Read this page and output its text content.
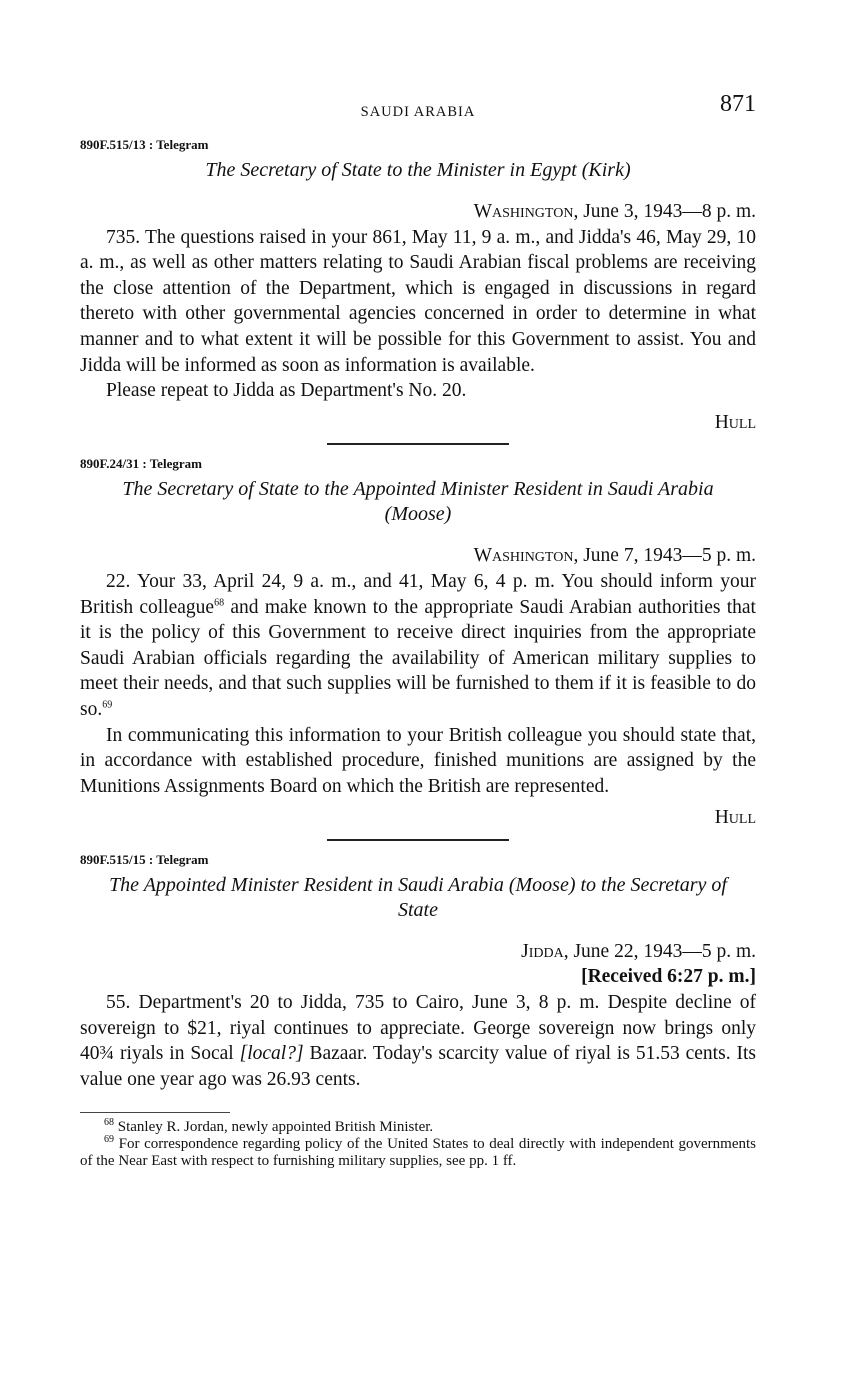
SAUDI ARABIA	871
890F.515/13 : Telegram
The Secretary of State to the Minister in Egypt (Kirk)
Washington, June 3, 1943—8 p. m.

735. The questions raised in your 861, May 11, 9 a. m., and Jidda's 46, May 29, 10 a. m., as well as other matters relating to Saudi Arabian fiscal problems are receiving the close attention of the Department, which is engaged in discussions in regard thereto with other governmental agencies concerned in order to determine in what manner and to what extent it will be possible for this Government to assist. You and Jidda will be informed as soon as information is available.

Please repeat to Jidda as Department's No. 20.

Hull
890F.24/31 : Telegram
The Secretary of State to the Appointed Minister Resident in Saudi Arabia (Moose)
Washington, June 7, 1943—5 p. m.

22. Your 33, April 24, 9 a. m., and 41, May 6, 4 p. m. You should inform your British colleague$^{68}$ and make known to the appropriate Saudi Arabian authorities that it is the policy of this Government to receive direct inquiries from the appropriate Saudi Arabian officials regarding the availability of American military supplies to meet their needs, and that such supplies will be furnished to them if it is feasible to do so.$^{69}$

In communicating this information to your British colleague you should state that, in accordance with established procedure, finished munitions are assigned by the Munitions Assignments Board on which the British are represented.

Hull
890F.515/15 : Telegram
The Appointed Minister Resident in Saudi Arabia (Moose) to the Secretary of State
Jidda, June 22, 1943—5 p. m.
[Received 6:27 p. m.]

55. Department's 20 to Jidda, 735 to Cairo, June 3, 8 p. m. Despite decline of sovereign to $21, riyal continues to appreciate. George sovereign now brings only 40¾ riyals in Socal [local?] Bazaar. Today's scarcity value of riyal is 51.53 cents. Its value one year ago was 26.93 cents.

$^{68}$ Stanley R. Jordan, newly appointed British Minister.

$^{69}$ For correspondence regarding policy of the United States to deal directly with independent governments of the Near East with respect to furnishing military supplies, see pp. 1 ff.
